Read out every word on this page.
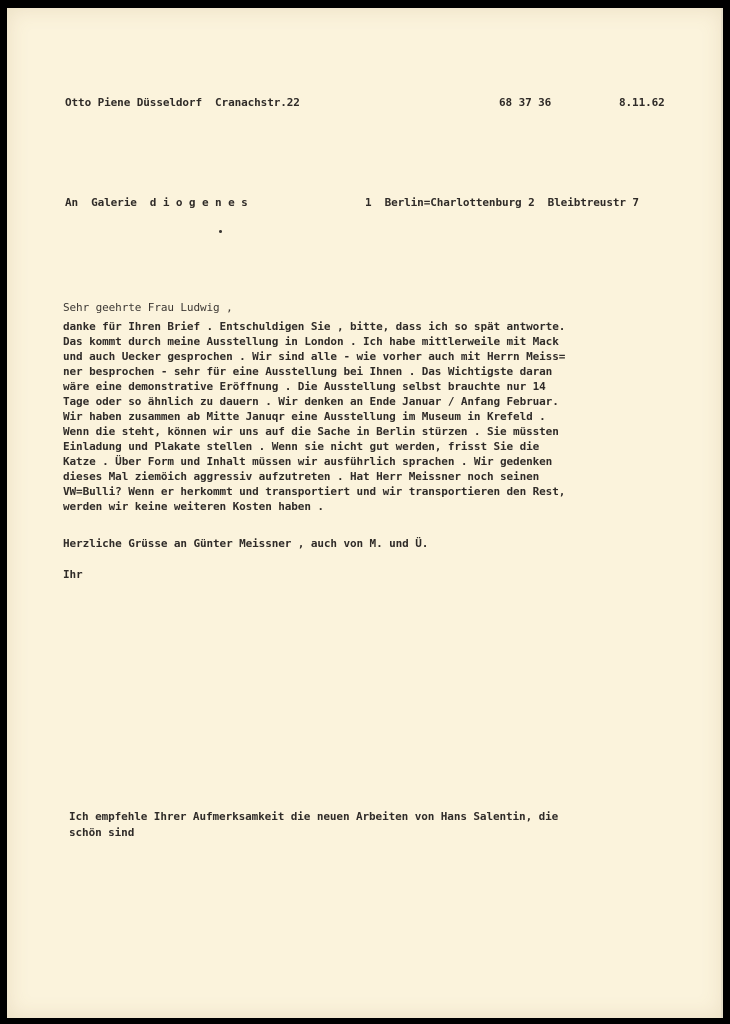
Otto Piene Düsseldorf  Cranachstr.22	68 37 36	8.11.62

An  Galerie  d i o g e n e s	1  Berlin=Charlottenburg 2  Bleibtreustr 7

Sehr geehrte Frau Ludwig ,

danke für Ihren Brief . Entschuldigen Sie , bitte, dass ich so spät antworte.

Das kommt durch meine Ausstellung in London . Ich habe mittlerweile mit Mack

und auch Uecker gesprochen . Wir sind alle - wie vorher auch mit Herrn Meiss=

ner besprochen - sehr für eine Ausstellung bei Ihnen . Das Wichtigste daran

wäre eine demonstrative Eröffnung . Die Ausstellung selbst brauchte nur 14

Tage oder so ähnlich zu dauern . Wir denken an Ende Januar / Anfang Februar.

Wir haben zusammen ab Mitte Januqr eine Ausstellung im Museum in Krefeld .

Wenn die steht, können wir uns auf die Sache in Berlin stürzen . Sie müssten

Einladung und Plakate stellen . Wenn sie nicht gut werden, frisst Sie die

Katze . Über Form und Inhalt müssen wir ausführlich sprachen . Wir gedenken

dieses Mal ziemöich aggressiv aufzutreten . Hat Herr Meissner noch seinen

VW=Bulli? Wenn er herkommt und transportiert und wir transportieren den Rest,

werden wir keine weiteren Kosten haben .

Herzliche Grüsse an Günter Meissner , auch von M. und Ü.

Ihr

Ich empfehle Ihrer Aufmerksamkeit die neuen Arbeiten von Hans Salentin, die

schön sind
